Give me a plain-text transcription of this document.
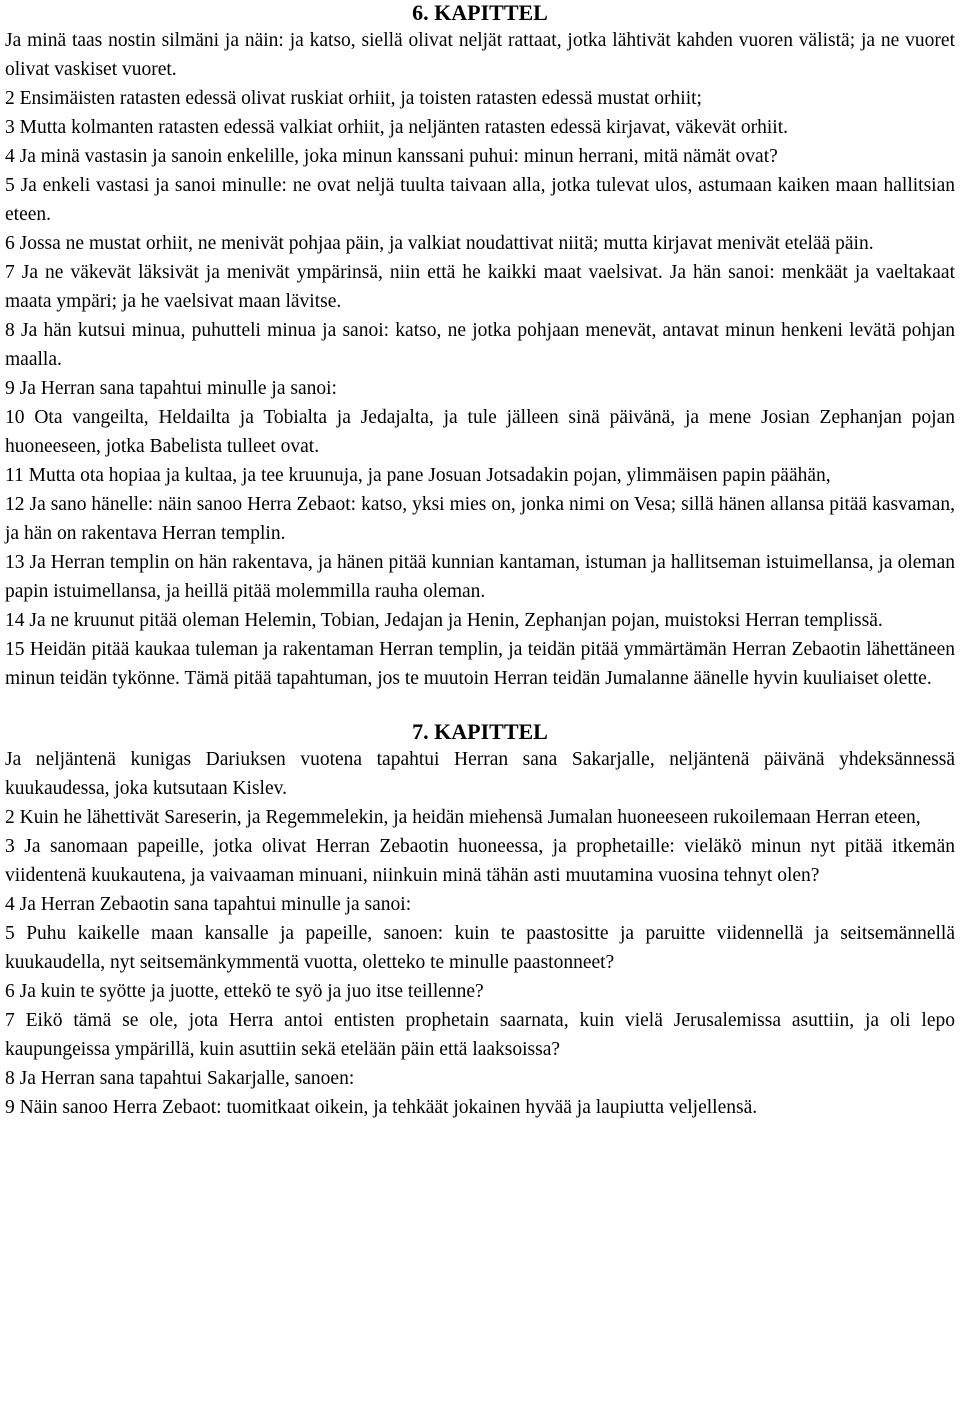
6. KAPITTEL

Ja minä taas nostin silmäni ja näin: ja katso, siellä olivat neljät rattaat, jotka lähtivät kahden vuoren välistä; ja ne vuoret olivat vaskiset vuoret.

2 Ensimäisten ratasten edessä olivat ruskiat orhiit, ja toisten ratasten edessä mustat orhiit;

3 Mutta kolmanten ratasten edessä valkiat orhiit, ja neljänten ratasten edessä kirjavat, väkevät orhiit.

4 Ja minä vastasin ja sanoin enkelille, joka minun kanssani puhui: minun herrani, mitä nämät ovat?

5 Ja enkeli vastasi ja sanoi minulle: ne ovat neljä tuulta taivaan alla, jotka tulevat ulos, astumaan kaiken maan hallitsian eteen.

6 Jossa ne mustat orhiit, ne menivät pohjaa päin, ja valkiat noudattivat niitä; mutta kirjavat menivät etelää päin.

7 Ja ne väkevät läksivät ja menivät ympärinsä, niin että he kaikki maat vaelsivat. Ja hän sanoi: menkäät ja vaeltakaat maata ympäri; ja he vaelsivat maan lävitse.

8 Ja hän kutsui minua, puhutteli minua ja sanoi: katso, ne jotka pohjaan menevät, antavat minun henkeni levätä pohjan maalla.

9 Ja Herran sana tapahtui minulle ja sanoi:

10 Ota vangeilta, Heldailta ja Tobialta ja Jedajalta, ja tule jälleen sinä päivänä, ja mene Josian Zephanjan pojan huoneeseen, jotka Babelista tulleet ovat.

11 Mutta ota hopiaa ja kultaa, ja tee kruunuja, ja pane Josuan Jotsadakin pojan, ylimmäisen papin päähän,

12 Ja sano hänelle: näin sanoo Herra Zebaot: katso, yksi mies on, jonka nimi on Vesa; sillä hänen allansa pitää kasvaman, ja hän on rakentava Herran templin.

13 Ja Herran templin on hän rakentava, ja hänen pitää kunnian kantaman, istuman ja hallitseman istuimellansa, ja oleman papin istuimellansa, ja heillä pitää molemmilla rauha oleman.

14 Ja ne kruunut pitää oleman Helemin, Tobian, Jedajan ja Henin, Zephanjan pojan, muistoksi Herran templissä.

15 Heidän pitää kaukaa tuleman ja rakentaman Herran templin, ja teidän pitää ymmärtämän Herran Zebaotin lähettäneen minun teidän tykönne. Tämä pitää tapahtuman, jos te muutoin Herran teidän Jumalanne äänelle hyvin kuuliaiset olette.

7. KAPITTEL

Ja neljäntenä kunigas Dariuksen vuotena tapahtui Herran sana Sakarjalle, neljäntenä päivänä yhdeksännessä kuukaudessa, joka kutsutaan Kislev.

2 Kuin he lähettivät Sareserin, ja Regemmelekin, ja heidän miehensä Jumalan huoneeseen rukoilemaan Herran eteen,

3 Ja sanomaan papeille, jotka olivat Herran Zebaotin huoneessa, ja prophetaille: vieläkö minun nyt pitää itkemän viidentenä kuukautena, ja vaivaaman minuani, niinkuin minä tähän asti muutamina vuosina tehnyt olen?

4 Ja Herran Zebaotin sana tapahtui minulle ja sanoi:

5 Puhu kaikelle maan kansalle ja papeille, sanoen: kuin te paastositte ja paruitte viidennellä ja seitsemännellä kuukaudella, nyt seitsemänkymmentä vuotta, oletteko te minulle paastonneet?

6 Ja kuin te syötte ja juotte, ettekö te syö ja juo itse teillenne?

7 Eikö tämä se ole, jota Herra antoi entisten prophetain saarnata, kuin vielä Jerusalemissa asuttiin, ja oli lepo kaupungeissa ympärillä, kuin asuttiin sekä etelään päin että laaksoissa?

8 Ja Herran sana tapahtui Sakarjalle, sanoen:

9 Näin sanoo Herra Zebaot: tuomitkaat oikein, ja tehkäät jokainen hyvää ja laupiutta veljellensä.
